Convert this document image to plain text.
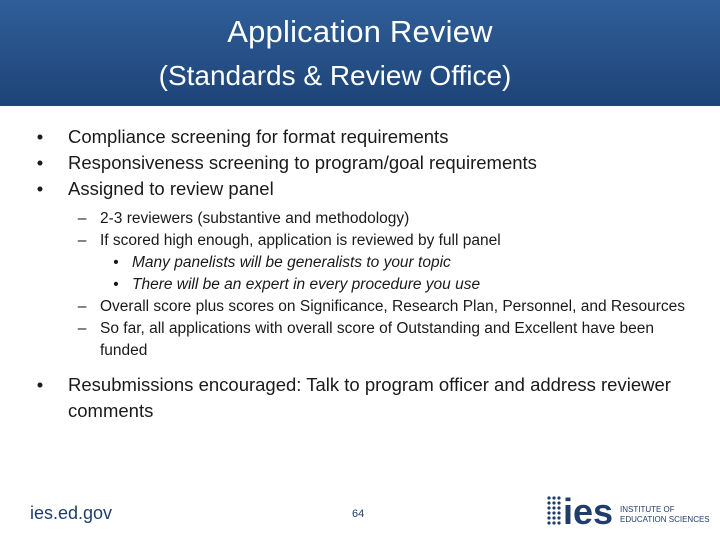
Application Review
(Standards & Review Office)
•	Compliance screening for format requirements
•	Responsiveness screening to program/goal requirements
•	Assigned to review panel
– 2-3 reviewers (substantive and methodology)
– If scored high enough, application is reviewed by full panel
• Many panelists will be generalists to your topic
• There will be an expert in every procedure you use
– Overall score plus scores on Significance, Research Plan, Personnel, and Resources
– So far, all applications with overall score of Outstanding and Excellent have been funded
•	Resubmissions encouraged: Talk to program officer and address reviewer comments
ies.ed.gov	64	ies INSTITUTE OF
EDUCATION SCIENCES
